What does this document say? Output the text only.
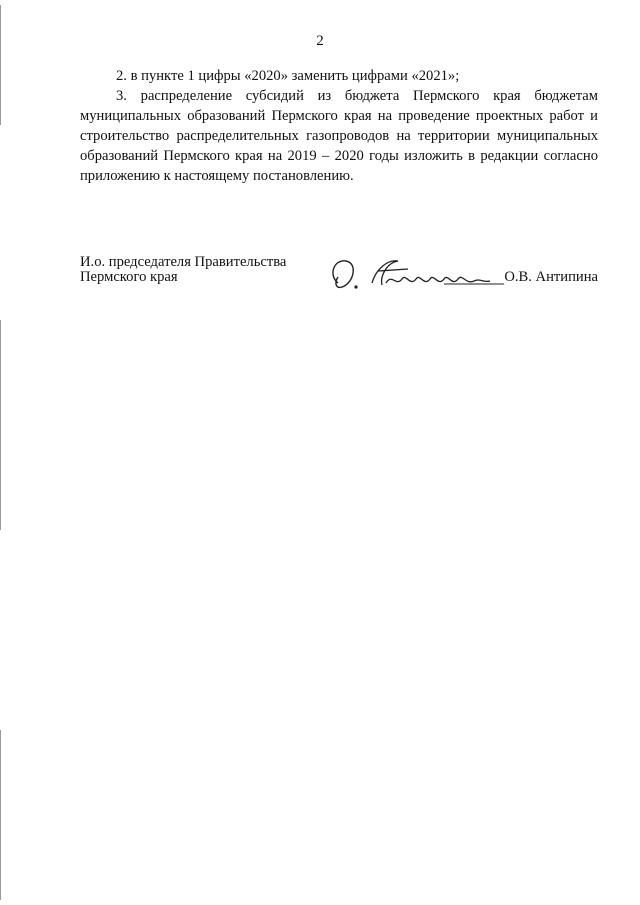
2

2. в пункте 1 цифры «2020» заменить цифрами «2021»;

3. распределение субсидий из бюджета Пермского края бюджетам муниципальных образований Пермского края на проведение проектных работ и строительство распределительных газопроводов на территории муниципальных образований Пермского края на 2019 – 2020 годы изложить в редакции согласно приложению к настоящему постановлению.

И.о. председателя Правительства
Пермского края	О.В. Антипина
